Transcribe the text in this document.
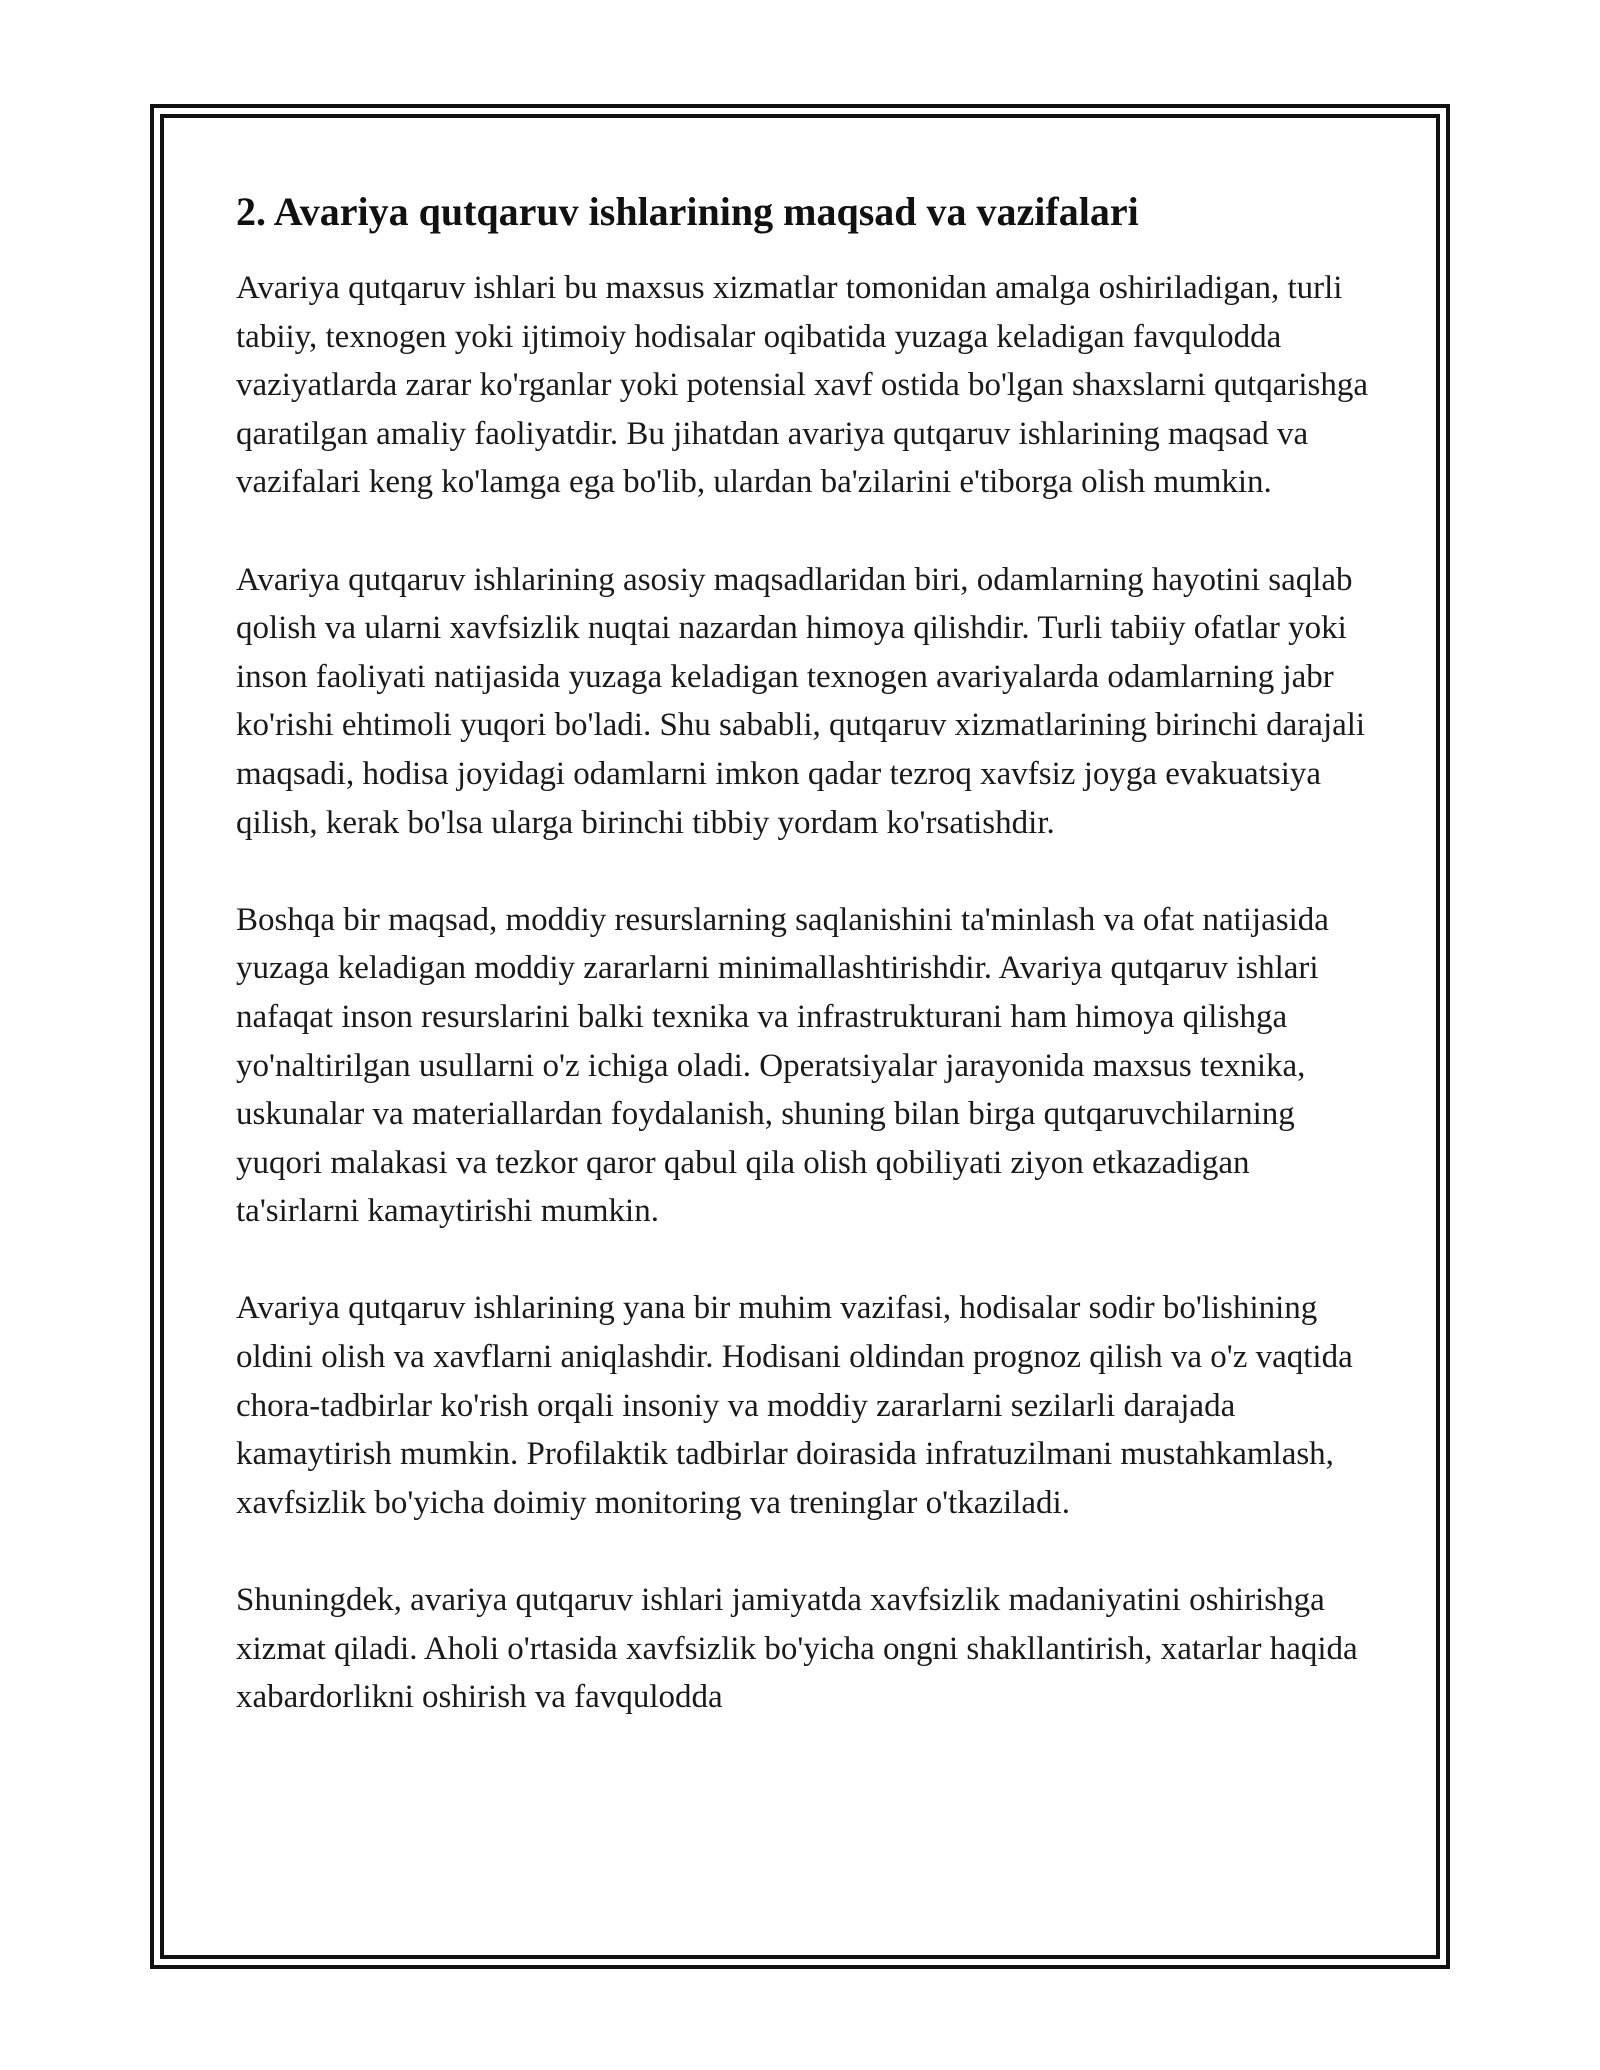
2. Avariya qutqaruv ishlarining maqsad va vazifalari

Avariya qutqaruv ishlari bu maxsus xizmatlar tomonidan amalga oshiriladigan, turli tabiiy, texnogen yoki ijtimoiy hodisalar oqibatida yuzaga keladigan favqulodda vaziyatlarda zarar ko'rganlar yoki potensial xavf ostida bo'lgan shaxslarni qutqarishga qaratilgan amaliy faoliyatdir. Bu jihatdan avariya qutqaruv ishlarining maqsad va vazifalari keng ko'lamga ega bo'lib, ulardan ba'zilarini e'tiborga olish mumkin.

Avariya qutqaruv ishlarining asosiy maqsadlaridan biri, odamlarning hayotini saqlab qolish va ularni xavfsizlik nuqtai nazardan himoya qilishdir. Turli tabiiy ofatlar yoki inson faoliyati natijasida yuzaga keladigan texnogen avariyalarda odamlarning jabr ko'rishi ehtimoli yuqori bo'ladi. Shu sababli, qutqaruv xizmatlarining birinchi darajali maqsadi, hodisa joyidagi odamlarni imkon qadar tezroq xavfsiz joyga evakuatsiya qilish, kerak bo'lsa ularga birinchi tibbiy yordam ko'rsatishdir.

Boshqa bir maqsad, moddiy resurslarning saqlanishini ta'minlash va ofat natijasida yuzaga keladigan moddiy zararlarni minimallashtirishdir. Avariya qutqaruv ishlari nafaqat inson resurslarini balki texnika va infrastrukturani ham himoya qilishga yo'naltirilgan usullarni o'z ichiga oladi. Operatsiyalar jarayonida maxsus texnika, uskunalar va materiallardan foydalanish, shuning bilan birga qutqaruvchilarning yuqori malakasi va tezkor qaror qabul qila olish qobiliyati ziyon etkazadigan ta'sirlarni kamaytirishi mumkin.

Avariya qutqaruv ishlarining yana bir muhim vazifasi, hodisalar sodir bo'lishining oldini olish va xavflarni aniqlashdir. Hodisani oldindan prognoz qilish va o'z vaqtida chora-tadbirlar ko'rish orqali insoniy va moddiy zararlarni sezilarli darajada kamaytirish mumkin. Profilaktik tadbirlar doirasida infratuzilmani mustahkamlash, xavfsizlik bo'yicha doimiy monitoring va treninglar o'tkaziladi.

Shuningdek, avariya qutqaruv ishlari jamiyatda xavfsizlik madaniyatini oshirishga xizmat qiladi. Aholi o'rtasida xavfsizlik bo'yicha ongni shakllantirish, xatarlar haqida xabardorlikni oshirish va favqulodda
